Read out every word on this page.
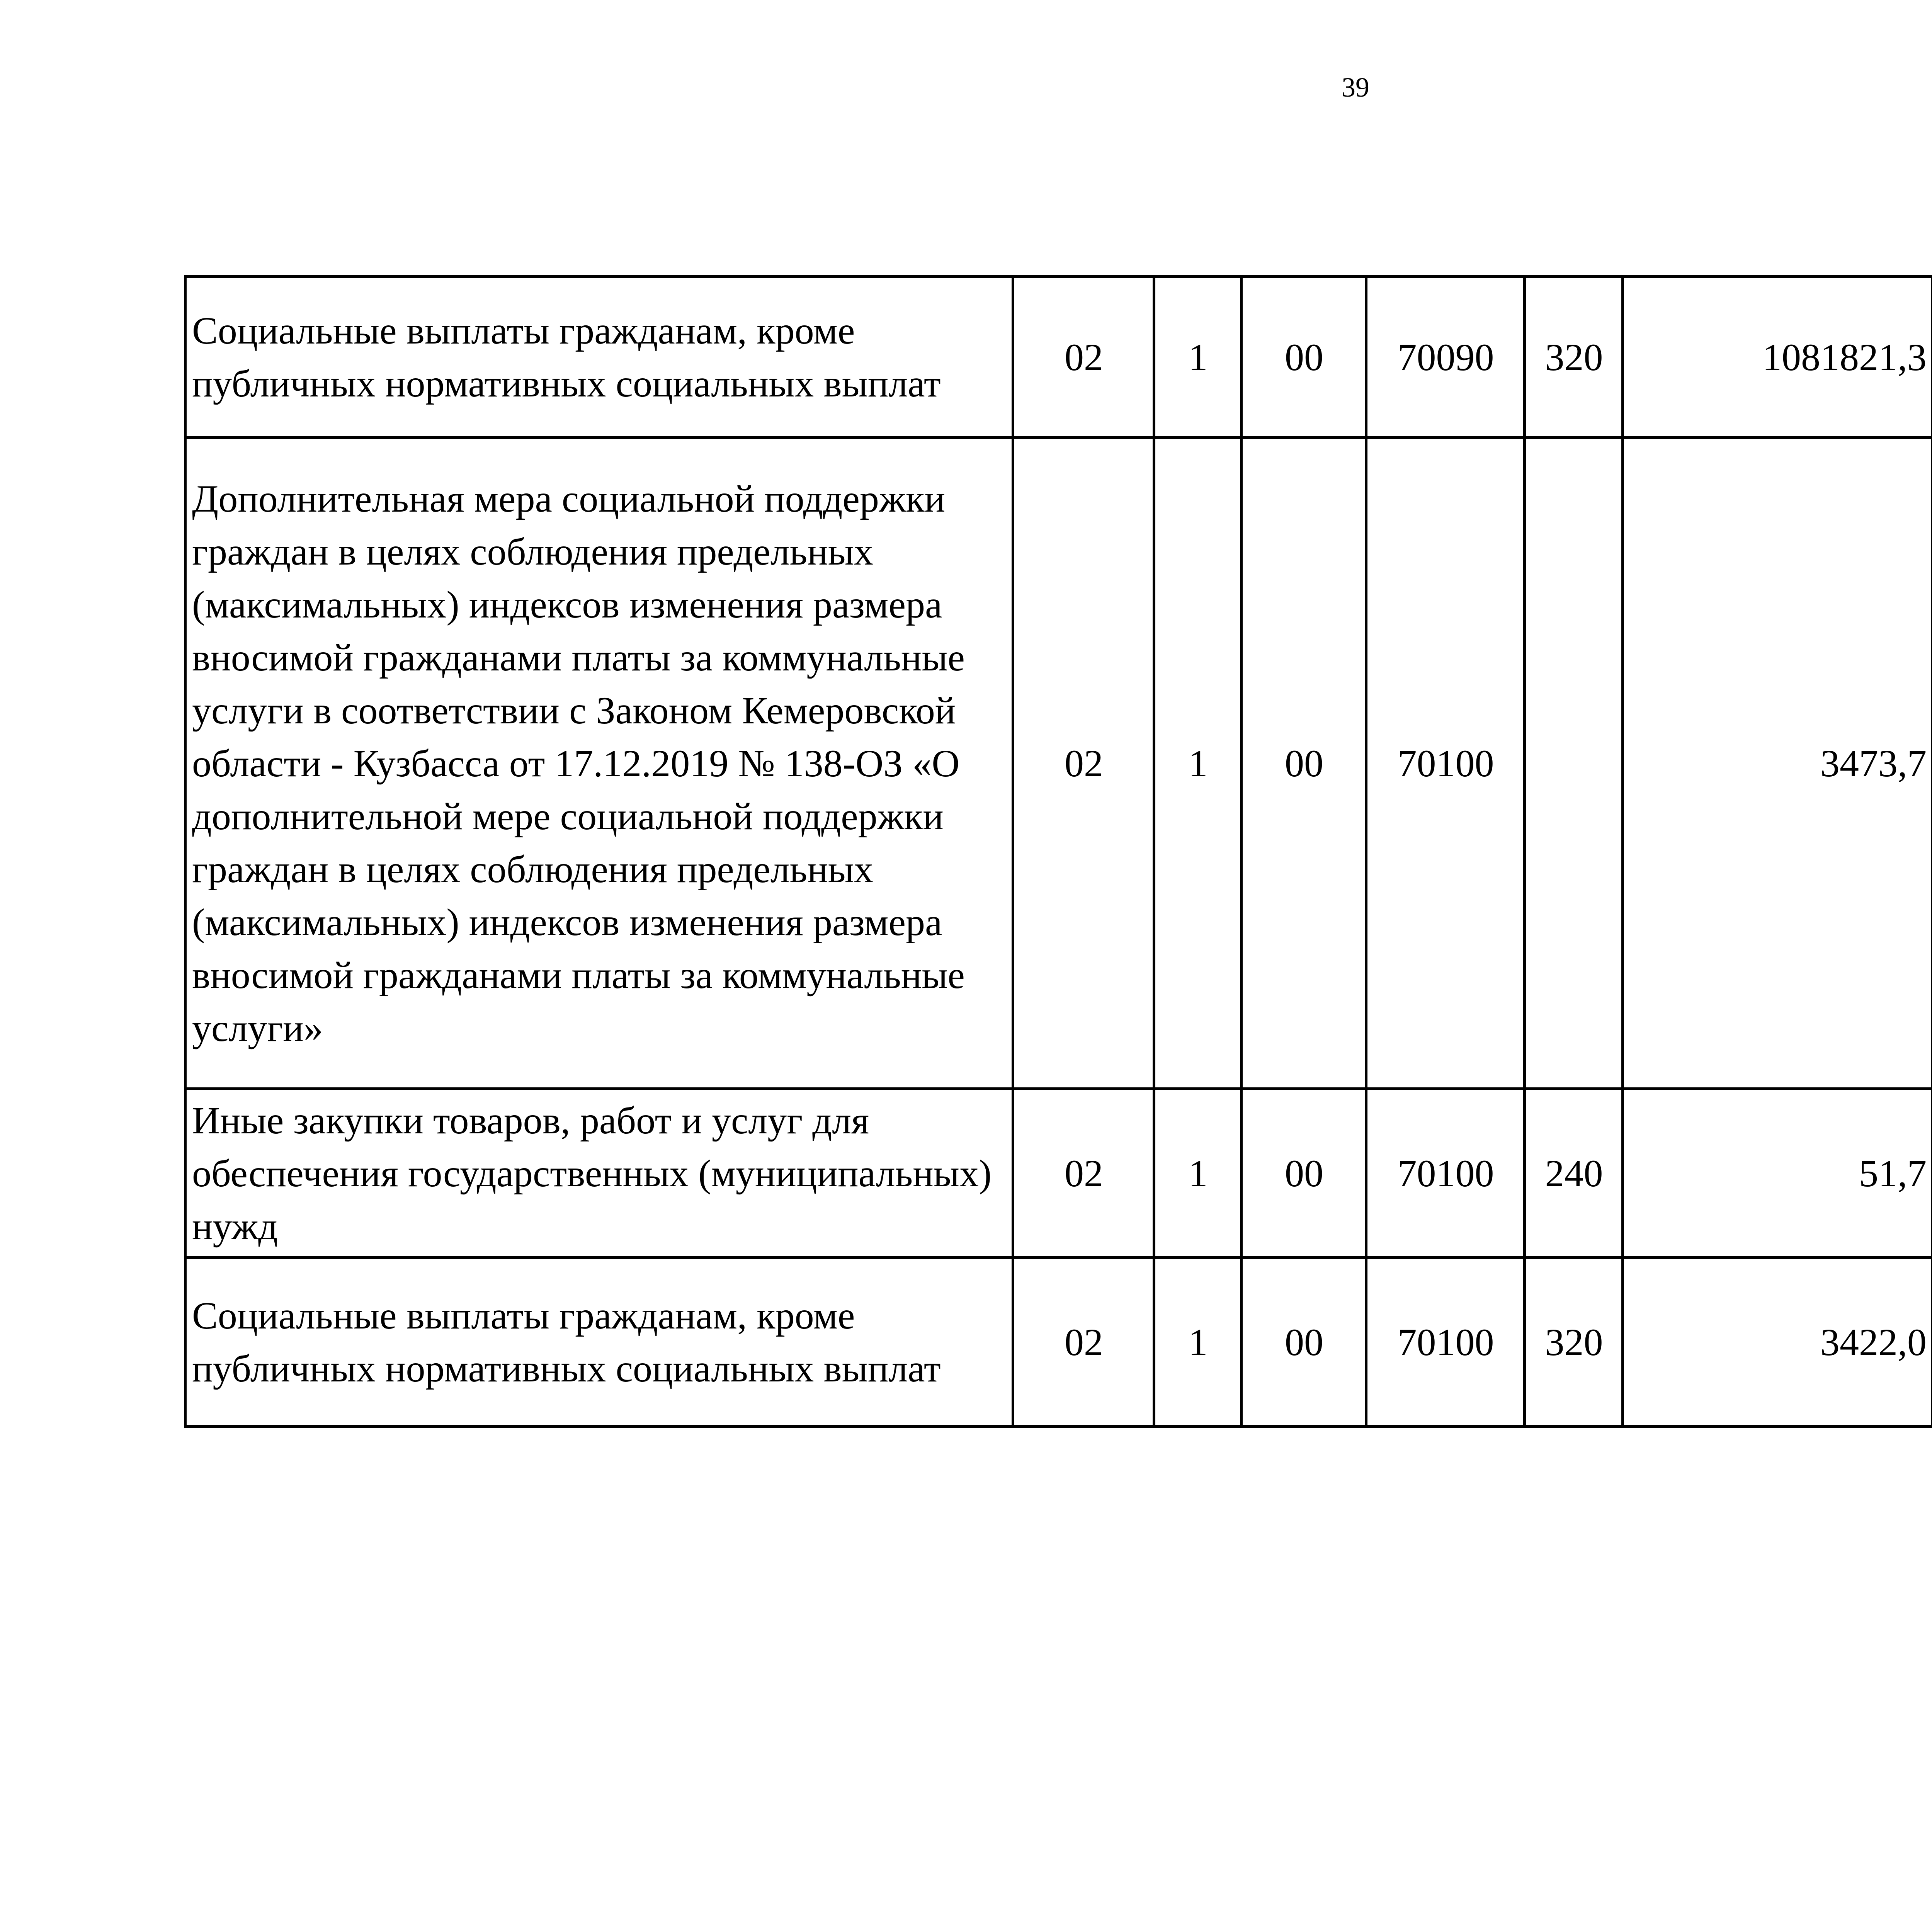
39
Социальные выплаты гражданам, кроме публичных нормативных социальных выплат	02	1	00	70090	320	1081821,3		
Дополнительная мера социальной поддержки граждан в целях соблюдения предельных (максимальных) индексов изменения размера вносимой гражданами платы за коммунальные услуги в соответствии с Законом Кемеровской области - Кузбасса от 17.12.2019 № 138-ОЗ «О дополнительной мере социальной поддержки граждан в целях соблюдения предельных (максимальных) индексов изменения размера вносимой гражданами платы за коммунальные услуги»	02	1	00	70100		3473,7		
Иные закупки товаров, работ и услуг для обеспечения государственных (муниципальных) нужд	02	1	00	70100	240	51,7		
Социальные выплаты гражданам, кроме публичных нормативных социальных выплат	02	1	00	70100	320	3422,0		
